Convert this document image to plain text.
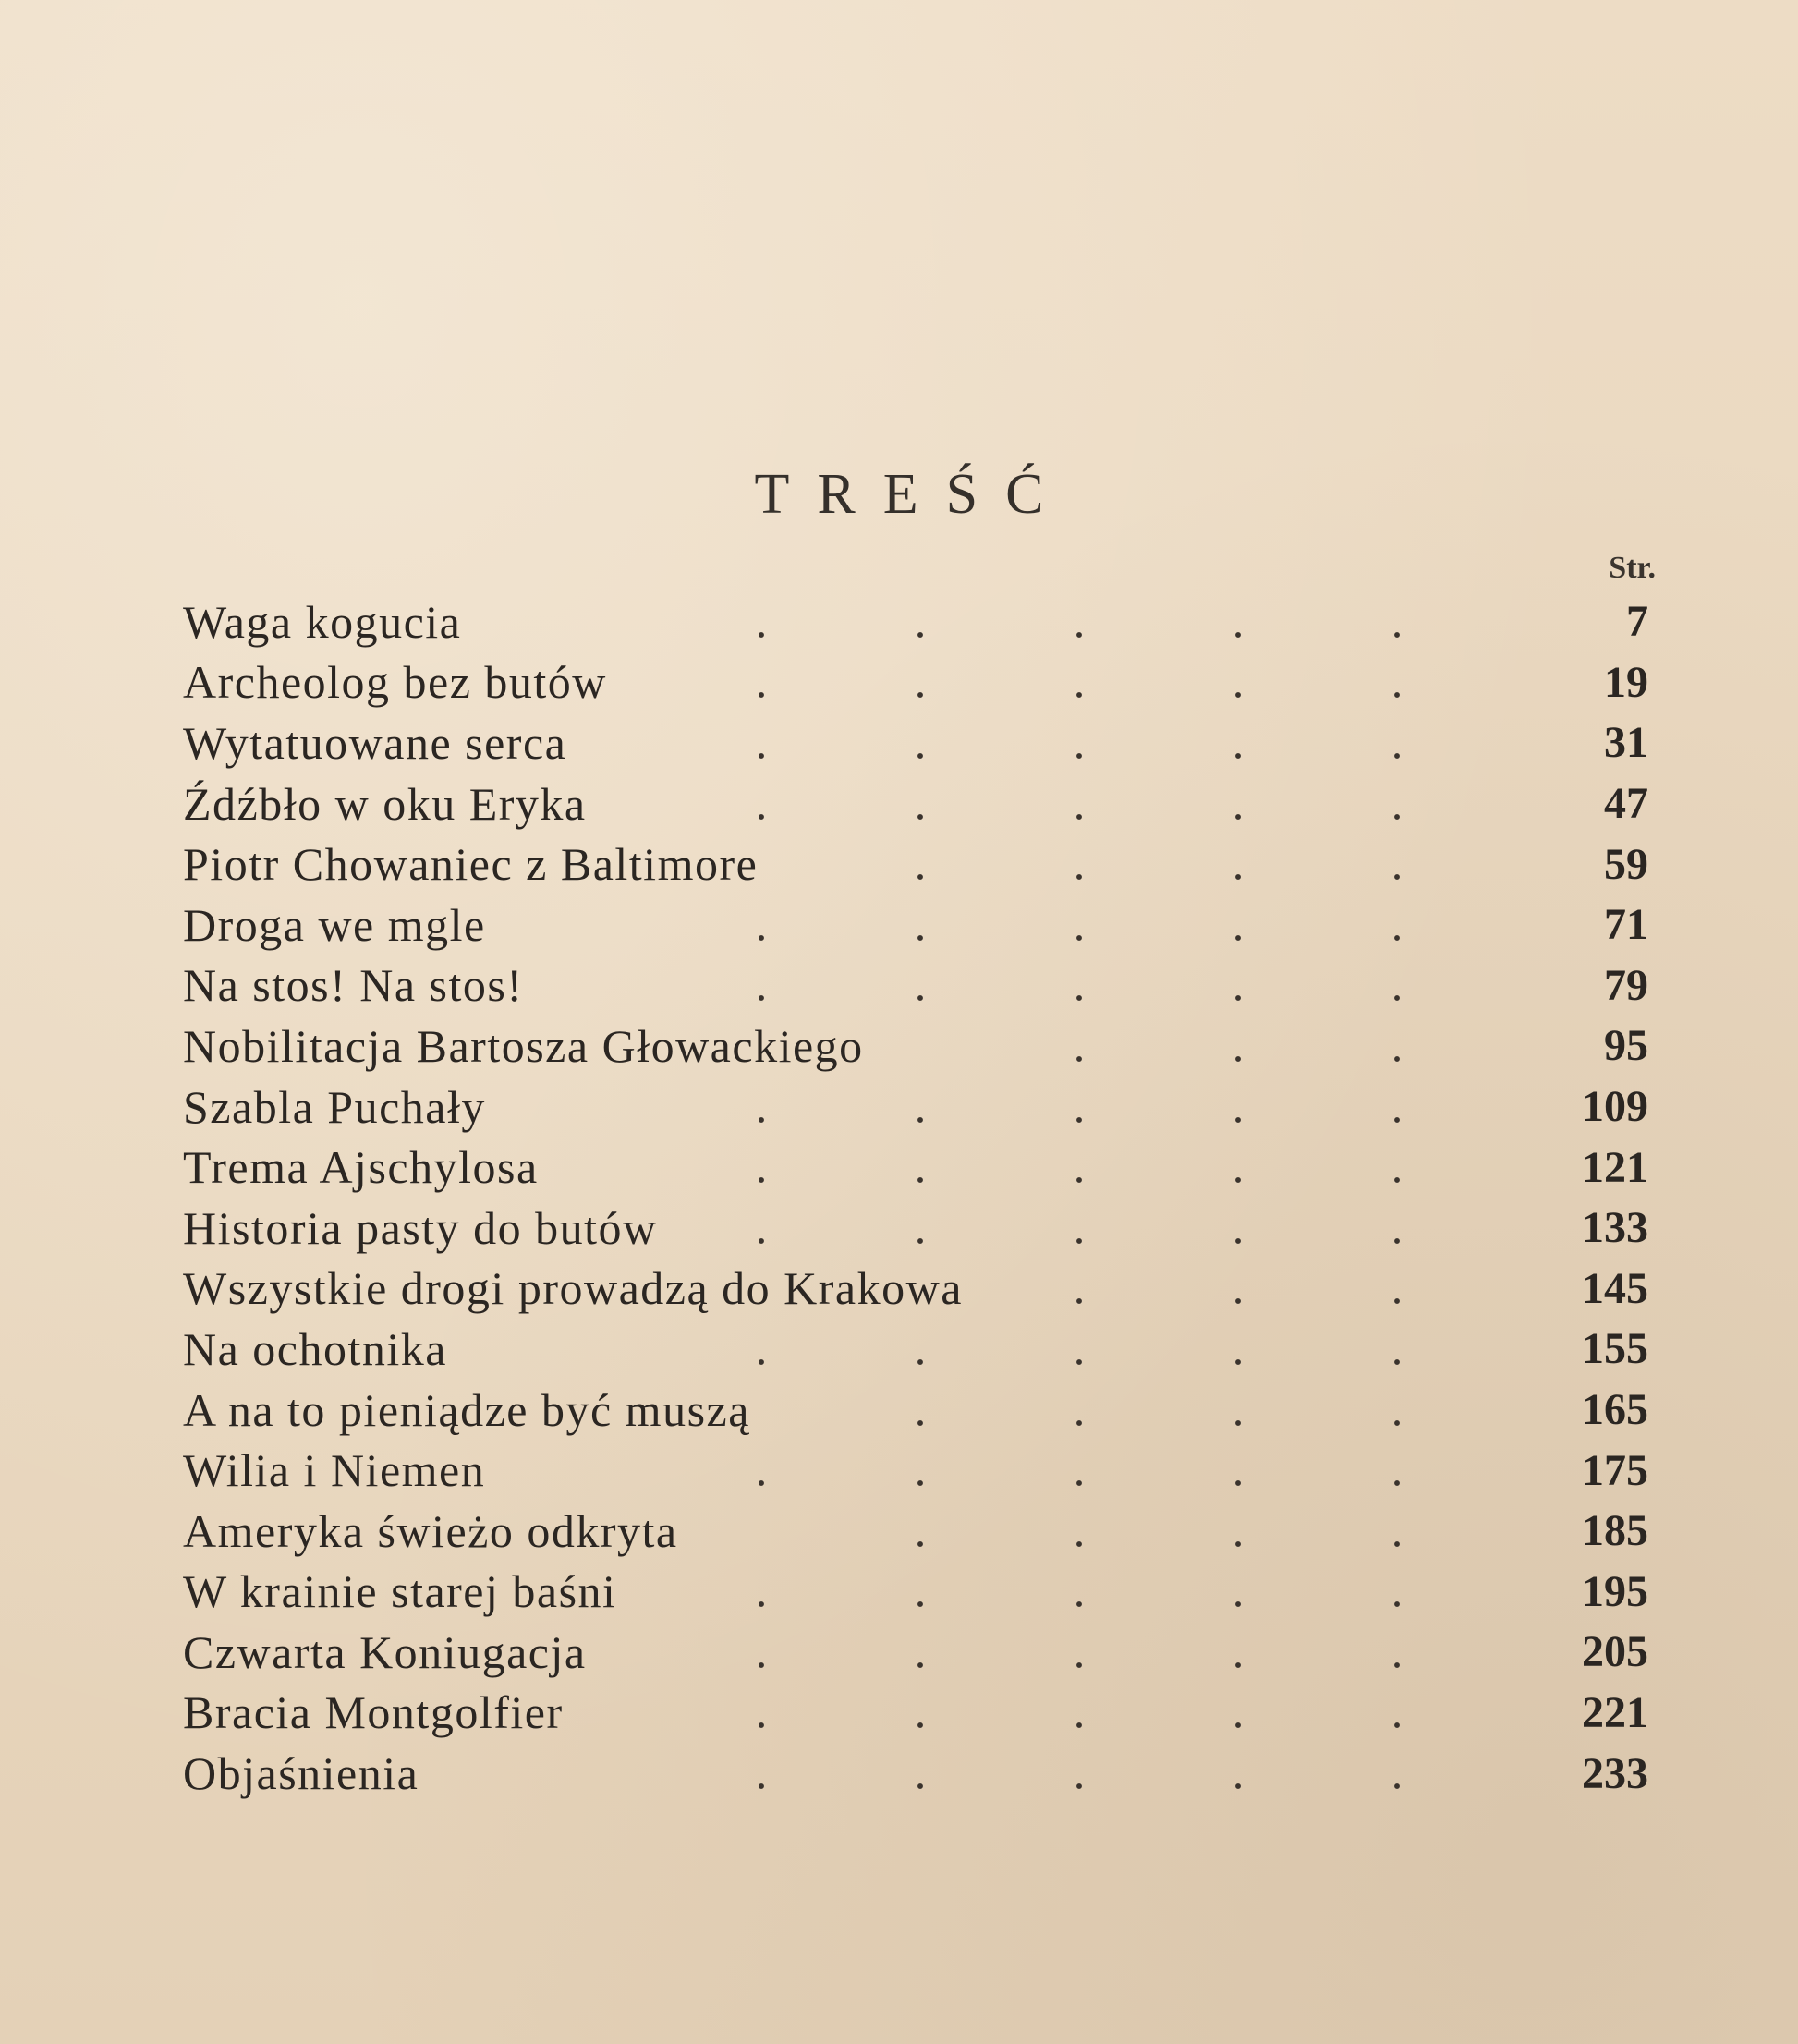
TREŚĆ
Str.
Waga kogucia	7
Archeolog bez butów	19
Wytatuowane serca	31
Źdźbło w oku Eryka	47
Piotr Chowaniec z Baltimore	59
Droga we mgle	71
Na stos! Na stos!	79
Nobilitacja Bartosza Głowackiego	95
Szabla Puchały	109
Trema Ajschylosa	121
Historia pasty do butów	133
Wszystkie drogi prowadzą do Krakowa	145
Na ochotnika	155
A na to pieniądze być muszą	165
Wilia i Niemen	175
Ameryka świeżo odkryta	185
W krainie starej baśni	195
Czwarta Koniugacja	205
Bracia Montgolfier	221
Objaśnienia	233
